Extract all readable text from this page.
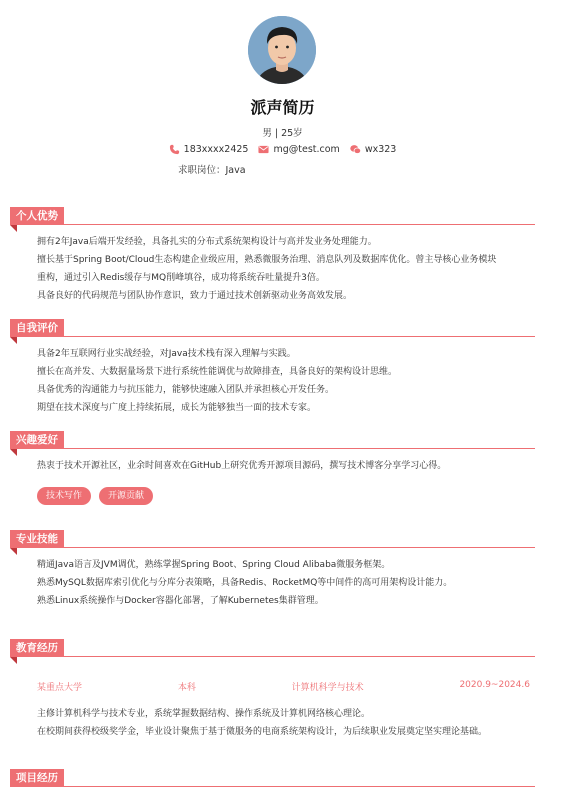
派声简历
男 | 25岁
183xxxx2425	mg@test.com	wx323
求职岗位：Java
个人优势

拥有2年Java后端开发经验，具备扎实的分布式系统架构设计与高并发业务处理能力。

擅长基于Spring Boot/Cloud生态构建企业级应用，熟悉微服务治理、消息队列及数据库优化。曾主导核心业务模块

重构，通过引入Redis缓存与MQ削峰填谷，成功将系统吞吐量提升3倍。

具备良好的代码规范与团队协作意识，致力于通过技术创新驱动业务高效发展。

自我评价

具备2年互联网行业实战经验，对Java技术栈有深入理解与实践。

擅长在高并发、大数据量场景下进行系统性能调优与故障排查，具备良好的架构设计思维。

具备优秀的沟通能力与抗压能力，能够快速融入团队并承担核心开发任务。

期望在技术深度与广度上持续拓展，成长为能够独当一面的技术专家。

兴趣爱好

热衷于技术开源社区，业余时间喜欢在GitHub上研究优秀开源项目源码，撰写技术博客分享学习心得。

技术写作	开源贡献
专业技能

精通Java语言及JVM调优，熟练掌握Spring Boot、Spring Cloud Alibaba微服务框架。

熟悉MySQL数据库索引优化与分库分表策略，具备Redis、RocketMQ等中间件的高可用架构设计能力。

熟悉Linux系统操作与Docker容器化部署，了解Kubernetes集群管理。

教育经历
某重点大学	本科	计算机科学与技术	2020.9~2024.6

主修计算机科学与技术专业，系统掌握数据结构、操作系统及计算机网络核心理论。

在校期间获得校级奖学金，毕业设计聚焦于基于微服务的电商系统架构设计，为后续职业发展奠定坚实理论基础。

项目经历
